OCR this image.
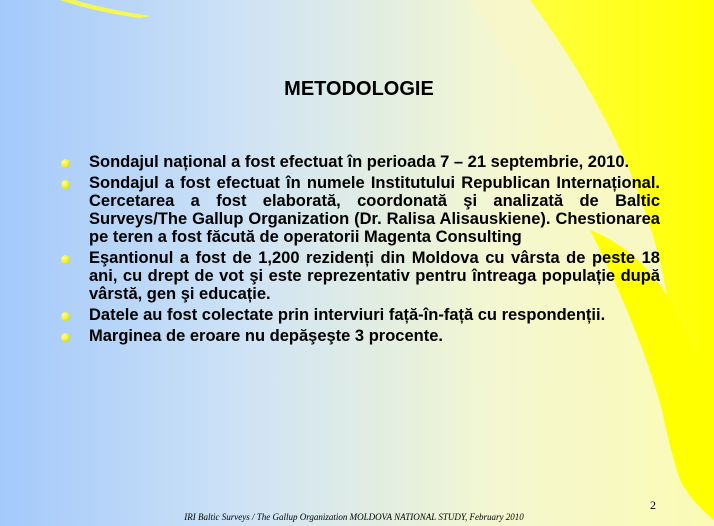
METODOLOGIE
Sondajul național a fost efectuat în perioada 7 – 21 septembrie, 2010.
Sondajul a fost efectuat în numele Institutului Republican Internațional. Cercetarea a fost elaborată, coordonată şi analizată de Baltic Surveys/The Gallup Organization (Dr. Ralisa Alisauskiene). Chestionarea pe teren a fost făcută de operatorii Magenta Consulting
Eşantionul a fost de 1,200 rezidenți din Moldova cu vârsta de peste 18 ani, cu drept de vot şi este reprezentativ pentru întreaga populație după vârstă, gen şi educație.
Datele au fost colectate prin interviuri față-în-față cu respondenții.
Marginea de eroare nu depăşeşte 3 procente.
2
IRI Baltic Surveys / The Gallup Organization MOLDOVA NATIONAL STUDY, February 2010
